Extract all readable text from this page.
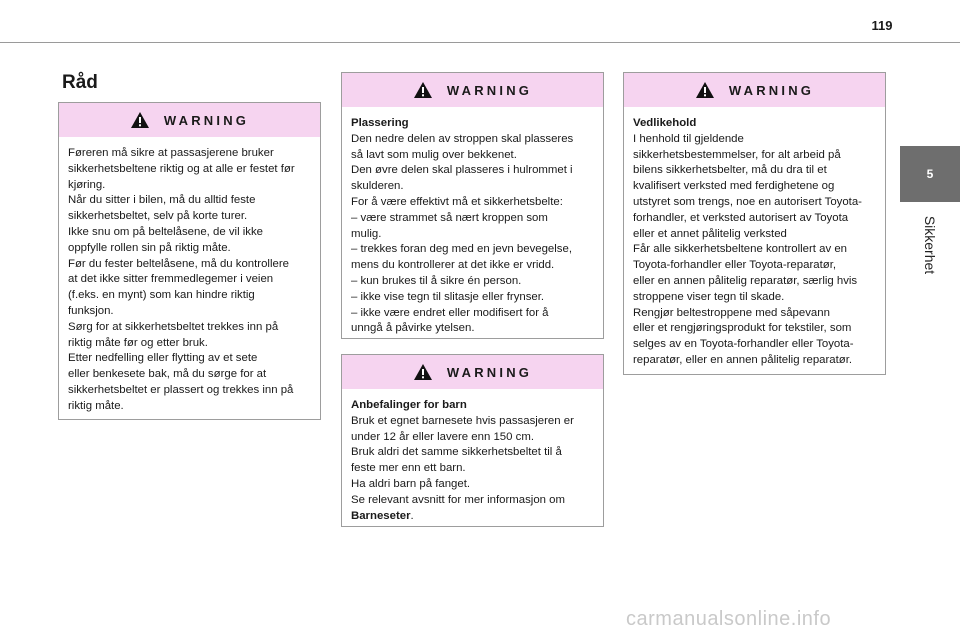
119
5
Sikkerhet
Råd
WARNING

Føreren må sikre at passasjerene bruker
sikkerhetsbeltene riktig og at alle er festet før
kjøring.
Når du sitter i bilen, må du alltid feste
sikkerhetsbeltet, selv på korte turer.
Ikke snu om på beltelåsene, de vil ikke
oppfylle rollen sin på riktig måte.
Før du fester beltelåsene, må du kontrollere
at det ikke sitter fremmedlegemer i veien
(f.eks. en mynt) som kan hindre riktig
funksjon.
Sørg for at sikkerhetsbeltet trekkes inn på
riktig måte før og etter bruk.
Etter nedfelling eller flytting av et sete
eller benkesete bak, må du sørge for at
sikkerhetsbeltet er plassert og trekkes inn på
riktig måte.

WARNING

Plassering
Den nedre delen av stroppen skal plasseres
så lavt som mulig over bekkenet.
Den øvre delen skal plasseres i hulrommet i
skulderen.
For å være effektivt må et sikkerhetsbelte:
– være strammet så nært kroppen som
mulig.
– trekkes foran deg med en jevn bevegelse,
mens du kontrollerer at det ikke er vridd.
– kun brukes til å sikre én person.
– ikke vise tegn til slitasje eller frynser.
– ikke være endret eller modifisert for å
unngå å påvirke ytelsen.

WARNING

Anbefalinger for barn
Bruk et egnet barnesete hvis passasjeren er
under 12 år eller lavere enn 150 cm.
Bruk aldri det samme sikkerhetsbeltet til å
feste mer enn ett barn.
Ha aldri barn på fanget.
Se relevant avsnitt for mer informasjon om
Barneseter.

WARNING

Vedlikehold
I henhold til gjeldende
sikkerhetsbestemmelser, for alt arbeid på
bilens sikkerhetsbelter, må du dra til et
kvalifisert verksted med ferdighetene og
utstyret som trengs, noe en autorisert Toyota-
forhandler, et verksted autorisert av Toyota
eller et annet pålitelig verksted
Får alle sikkerhetsbeltene kontrollert av en
Toyota-forhandler eller Toyota-reparatør,
eller en annen pålitelig reparatør, særlig hvis
stroppene viser tegn til skade.
Rengjør beltestroppene med såpevann
eller et rengjøringsprodukt for tekstiler, som
selges av en Toyota-forhandler eller Toyota-
reparatør, eller en annen pålitelig reparatør.

carmanualsonline.info
